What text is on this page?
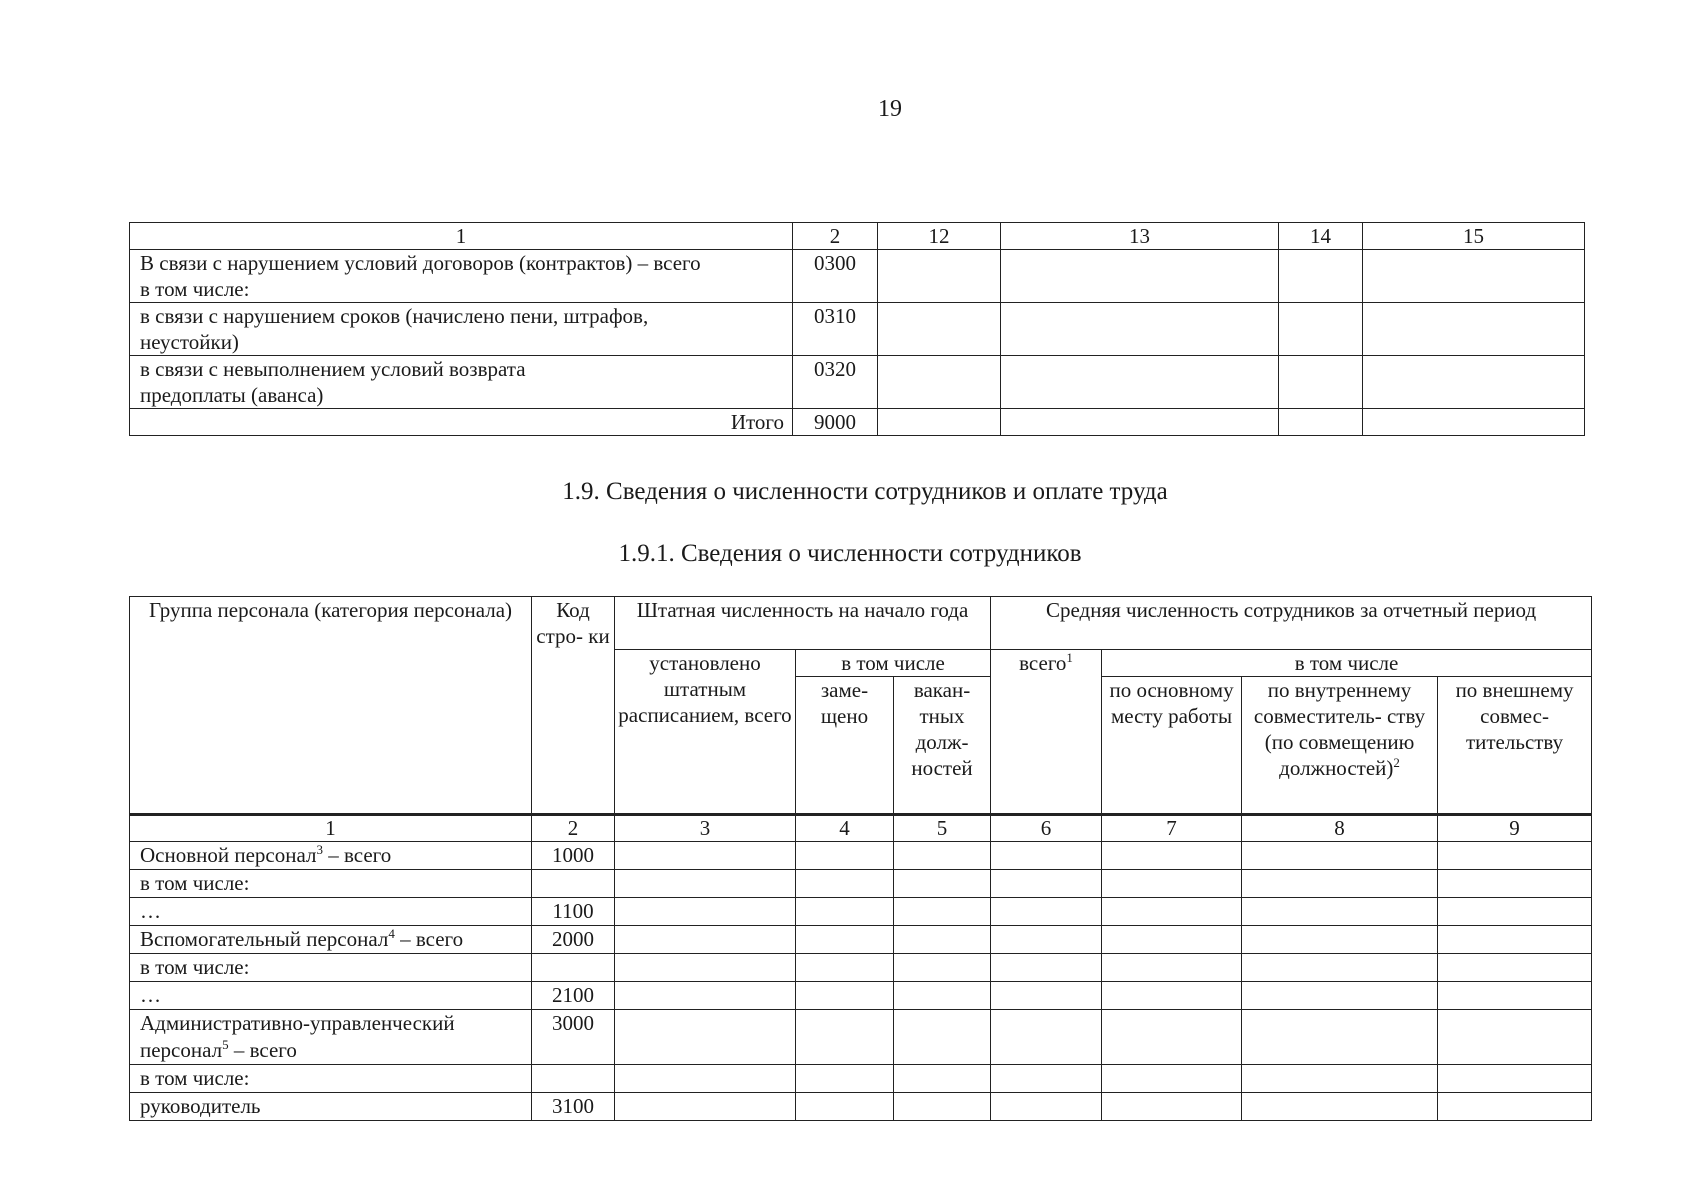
19
1	2	12	13	14	15
В связи с нарушением условий договоров (контрактов) – всего
в том числе:	0300				
в связи с нарушением сроков (начислено пени, штрафов,
неустойки)	0310				
в связи с невыполнением условий возврата
предоплаты (аванса)	0320				
Итого	9000				
1.9. Сведения о численности сотрудников и оплате труда
1.9.1. Сведения о численности сотрудников
Группа персонала (категория персонала)	Код стро- ки	Штатная численность на начало года			Средняя численность сотрудников за отчетный период			
		установлено штатным расписанием, всего	в том числе		всего$^1$	в том числе		
			заме- щено	вакан- тных долж- ностей		по основному месту работы	по внутреннему совместитель- ству (по совмещению должностей)$^2$	по внешнему совмес- тительству
1	2	3	4	5	6	7	8	9
Основной персонал$^3$ – всего	1000							
в том числе:								
…	1100							
Вспомогательный персонал$^4$ – всего	2000							
в том числе:								
…	2100							
Административно-управленческий
персонал$^5$ – всего	3000							
в том числе:								
руководитель	3100							
